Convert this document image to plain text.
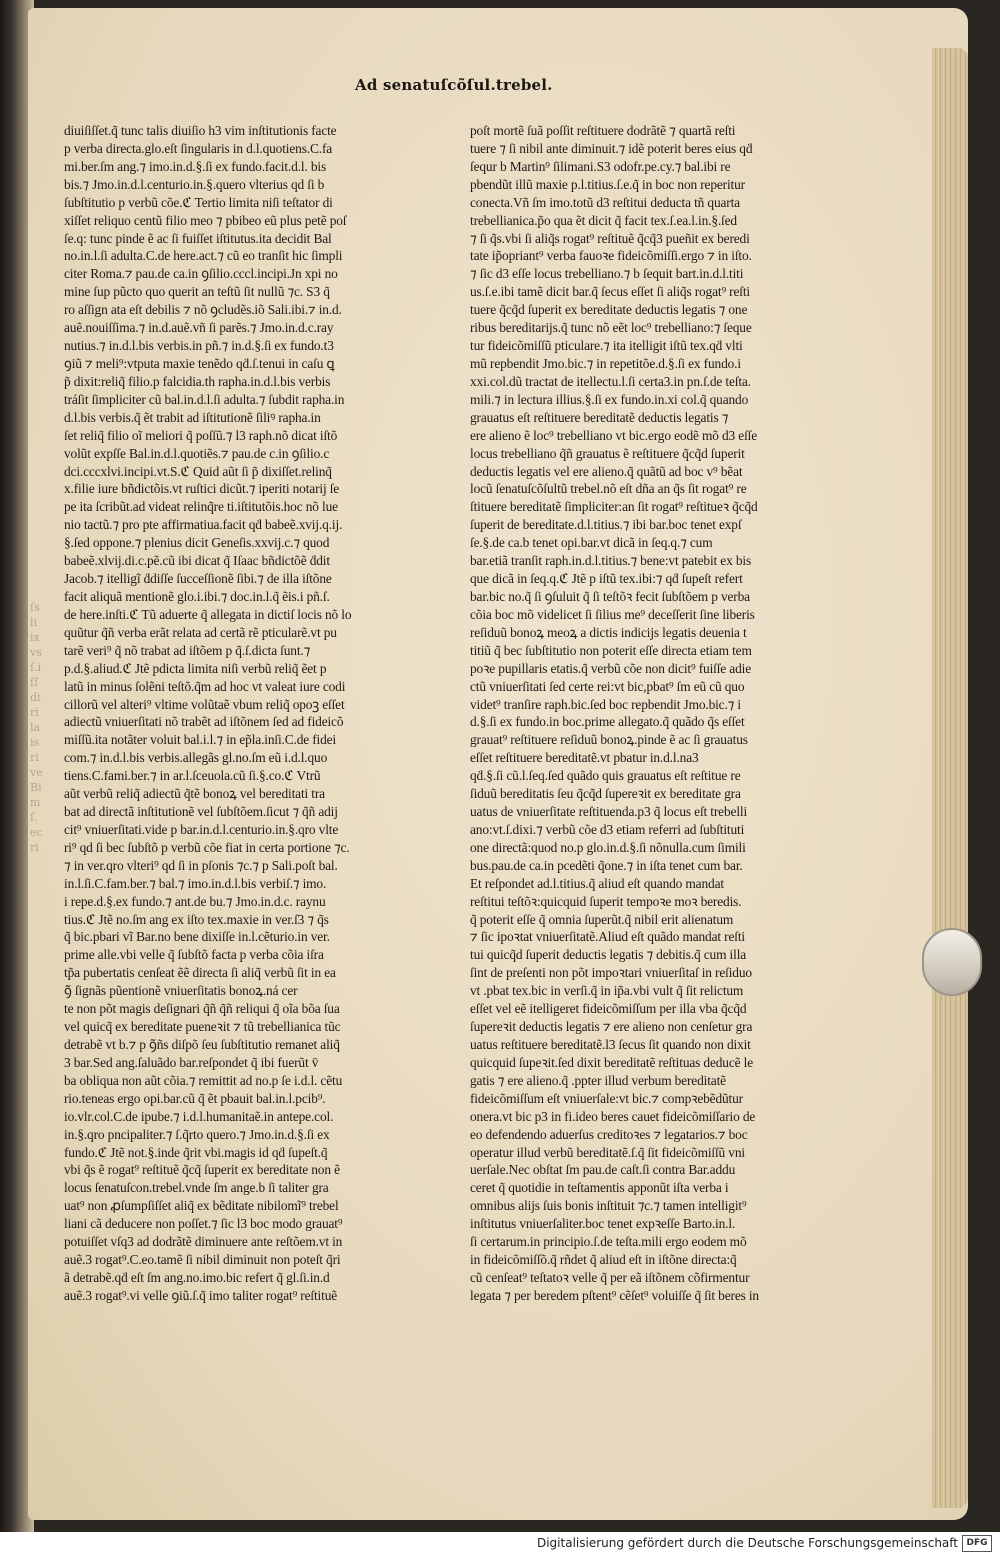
ſs
li
ix
vs
ſ.i
ſſ
di
ri
la
is
ri
ve
Bi
m
ſ.
ec
ri

Ad senatuſcõſul.trebel.

diuiſiſſet.q̃ tunc talis diuiſio h3 vim inſtitutionis facte
p verba directa.glo.eſt ſingularis in d.l.quotiens.C.fa
mi.ber.ſm ang.⁊ imo.in.d.§.ſi ex fundo.facit.d.l. bis
bis.⁊ Jmo.in.d.l.centurio.in.§.quero vlterius qd ſi b
ſubſtitutio p verbũ cõe.ℭ Tertio limita niſi teſtator di
xiſſet reliquo centũ filio meo ⁊ pbibeo eũ plus petẽ poſ
ſe.q: tunc pinde ẽ ac ſi fuiſſet iſtitutus.ita decidit Bal
no.in.l.ſi adulta.C.de here.act.⁊ cũ eo tranſit hic ſimpli
citer Roma.⁊ pau.de ca.in ꝯſilio.cccl.incipi.Jn xpi no
mine ſup pũcto quo querit an teſtũ ſit nullũ ⁊c. S3 q̃
ro aſſign ata eſt debilis ⁊ nõ ꝯcludẽs.iõ Sali.ibi.⁊ in.d.
auẽ.nouiſſima.⁊ in.d.auẽ.vñ ſi parẽs.⁊ Jmo.in.d.c.ray
nutius.⁊ in.d.l.bis verbis.in pñ.⁊ in.d.§.ſi ex fundo.t3
ꝯiũ ⁊ meli⁹:vtputa maxie tenẽdo qḋ.ſ.tenui in caſu ꝗ
p̃ dixit:reliq̃ filio.p falcidia.th rapha.in.d.l.bis verbis
tráſit ſimpliciter cũ bal.in.d.l.ſi adulta.⁊ ſubdit rapha.in
d.l.bis verbis.q̃ ẽt trabit ad iſtitutionẽ ſiliꝰ rapha.in
ſet reliq̃ filio oĩ meliori q̃ poſſũ.⁊ l3 raph.nõ dicat iſtõ
volũt expſſe Bal.in.d.l.quotiẽs.⁊ pau.de c.in ꝯſilio.c
dci.cccxlvi.incipi.vt.S.ℭ Quid aũt ſi p̃ dixiſſet.relinq̃
x.filie iure bñdictõis.vt ruſtici dicũt.⁊ iperiti notarij ſe
pe ita ſcribũt.ad videat relinq̃re ti.iſtitutõis.hoc nõ lue
nio tactũ.⁊ pro pte affirmatiua.facit qḋ babeẽ.xvij.q.ij.
§.ſed oppone.⁊ plenius dicit Geneſis.xxvij.c.⁊ quod
babeẽ.xlvij.di.c.pẽ.cũ ibi dicat q̃ Iſaac bñdictõẽ ḋdit
Jacob.⁊ itelligĩ ḋdiſſe ſucceſſionẽ ſibi.⁊ de illa iſtõne
facit aliquã mentionẽ glo.i.ibi.⁊ doc.in.l.q̃ ẽis.i pñ.ſ.
de here.inſti.ℭ Tũ aduerte q̃ allegata in dictiſ locis nõ lo
quũtur q̃ñ verba erãt relata ad certã rẽ pticularẽ.vt pu
tarẽ veri⁹ q̃ nõ trabat ad iſtõem p q̃.ſ.dicta ſunt.⁊
p.d.§.aliud.ℭ Jtẽ pdicta limita niſi verbũ reliq̃ ẽet p
latũ in minus ſolẽni teſtõ.q̃m ad hoc vt valeat iure codi
cillorũ vel alteri⁹ vltime volũtaẽ vbum reliq̃ opoꝫ eſſet
adiectũ vniuerſitati nõ trabẽt ad iſtõnem ſed ad fideicõ
miſſũ.ita notãter voluit bal.i.l.⁊ in ep̃la.inſi.C.de fidei
com.⁊ in.d.l.bis verbis.allegãs gl.no.ſm eũ i.d.l.quo
tiens.C.fami.ber.⁊ in ar.l.ſceuola.cũ ſi.§.co.ℭ Vtrũ
aũt verbũ reliq̃ adiectũ q̃tẽ bonoꝝ vel bereditati tra
bat ad directã inſtitutionẽ vel ſubſtõem.ſicut ⁊ q̃ñ adij
cit⁹ vniuerſitati.vide p bar.in.d.l.centurio.in.§.qro vlte
ri⁹ qd ſi bec ſubſtõ p verbũ cõe fiat in certa portione ⁊c.
⁊ in ver.qro vlteri⁹ qd ſi in pſonis ⁊c.⁊ p Sali.poſt bal.
in.l.ſi.C.fam.ber.⁊ bal.⁊ imo.in.d.l.bis verbiſ.⁊ imo.
i repe.d.§.ex fundo.⁊ ant.de bu.⁊ Jmo.in.d.c. raynu
tius.ℭ Jtẽ no.ſm ang ex iſto tex.maxie in ver.ſ3 ⁊ q̃s
q̃ bic.pbari vĩ Bar.no bene dixiſſe in.l.cẽturio.in ver.
prime alle.vbi velle q̃ ſubſtõ facta p verba cõia iſra
tp̃a pubertatis cenſeat ẽẽ directa ſi aliq̃ verbũ ſit in ea
ꝯ̃ ſignãs pũentionẽ vniuerſitatis bonoꝝ.ná cer
te non põt magis deſignari q̃ñ q̃ñ reliqui q̃ oĩa bõa ſua
vel quicq̃ ex bereditate pueneꝛit ⁊ tũ trebellianica tũc
detrabẽ vt b.⁊ p ꝯ̃ñs diſpõ ſeu ſubſtitutio remanet aliq̃
3 bar.Sed ang.ſaluãdo bar.reſpondet q̃ ibi fuerũt v̄
ba obliqua non aũt cõia.⁊ remittit ad no.p ſe i.d.l. cẽtu
rio.teneas ergo opi.bar.cũ q̃ ẽt pbauit bal.in.l.pcib⁹.
io.vlr.col.C.de ipube.⁊ i.d.l.humanitaẽ.in antepe.col.
in.§.qro pncipaliter.⁊ ſ.q̃rto quero.⁊ Jmo.in.d.§.ſi ex
fundo.ℭ Jtẽ not.§.inde q̃rit vbi.magis id qḋ ſupeſt.q̃
vbi q̃s ẽ rogat⁹ reſtituẽ q̃cq̃ ſuperit ex bereditate non ẽ
locus ſenatuſcon.trebel.vnde ſm ange.b ſi taliter gra
uat⁹ non ꝓſumpſiſſet aliq̃ ex bẽditate nibilomĩ⁹ trebel
liani cã deducere non poſſet.⁊ ſic l3 boc modo grauat⁹
potuiſſet vſq3 ad dodrãtẽ diminuere ante reſtõem.vt in
auẽ.3 rogat⁹.C.eo.tamẽ ſi nibil diminuit non poteſt q̃ri
ã detrabẽ.qḋ eſt ſm ang.no.imo.bic refert q̃ gl.ſi.in.d
auẽ.3 rogat⁹.vi velle ꝯiũ.ſ.q̃ imo taliter rogat⁹ reſtituẽ
poſt mortẽ ſuã poſſit reſtituere dodrãtẽ ⁊ quartã reſti
tuere ⁊ ſi nibil ante diminuit.⁊ idẽ poterit beres eius qḋ
ſequr b Martin⁹ ſilimani.S3 odofr.pe.cy.⁊ bal.ibi re
pbendũt illũ maxie p.l.titius.ſ.e.q̃ in boc non reperitur
conecta.Vñ ſm imo.totũ d3 reſtitui deducta tñ quarta
trebellianica.p̃o qua ẽt dicit q̃ facit tex.ſ.ea.l.in.§.ſed
⁊ ſi q̃s.vbi ſi aliq̃s rogat⁹ reſtituẽ q̃cq̃3 pueñit ex beredi
tate ip̃opriant⁹ verba fauoꝛe fideicõmiſſi.ergo ⁊ in iſto.
⁊ ſic d3 eſſe locus trebelliano.⁊ b ſequit bart.in.d.l.titi
us.ſ.e.ibi tamẽ dicit bar.q̃ ſecus eſſet ſi aliq̃s rogat⁹ reſti
tuere q̃cq̃d ſuperit ex bereditate deductis legatis ⁊ one
ribus bereditarijs.q̃ tunc nõ eẽt loc⁹ trebelliano:⁊ ſeque
tur fideicõmiſſũ pticulare.⁊ ita itelligit iſtũ tex.qḋ vlti
mũ repbendit Jmo.bic.⁊ in repetitõe.d.§.ſi ex fundo.i
xxi.col.dũ tractat de itellectu.l.ſi certa3.in pn.ſ.de teſta.
mili.⁊ in lectura illius.§.ſi ex fundo.in.xi col.q̃ quando
grauatus eſt reſtituere bereditatẽ deductis legatis ⁊
ere alieno ẽ loc⁹ trebelliano vt bic.ergo eodẽ mõ d3 eſſe
locus trebelliano q̃ñ grauatus ẽ reſtituere q̃cq̃d ſuperit
deductis legatis vel ere alieno.q̃ quãtũ ad boc v⁹ bẽat
locũ ſenatuſcõſultũ trebel.nõ eſt dña an q̃s ſit rogat⁹ re
ſtituere bereditatẽ ſimpliciter:an ſit rogat⁹ reſtitueꝛ q̃cq̃d
ſuperit de bereditate.d.l.titius.⁊ ibi bar.boc tenet expſ
ſe.§.de ca.b tenet opi.bar.vt dicã in ſeq.q.⁊ cum
bar.etiã tranſit raph.in.d.l.titius.⁊ bene:vt patebit ex bis
que dicã in ſeq.q.ℭ Jtẽ p iſtũ tex.ibi:⁊ qḋ ſupeſt refert
bar.bic no.q̃ ſi ꝯſuluit q̃ ſi teſtõꝛ fecit ſubſtõem p verba
cõia boc mõ videlicet ſi ſilius me⁹ deceſſerit ſine liberis
reſiduũ bonoꝝ meoꝝ a dictis indicijs legatis deuenia t
titiũ q̃ bec ſubſtitutio non poterit eſſe directa etiam tem
poꝛe pupillaris etatis.q̃ verbũ cõe non dicit⁹ fuiſſe adie
ctũ vniuerſitati ſed certe rei:vt bic,pbat⁹ ſm eũ cũ quo
videt⁹ tranſire raph.bic.ſed boc repbendit Jmo.bic.⁊ i
d.§.ſi ex fundo.in boc.prime allegato.q̃ quãdo q̃s eſſet
grauat⁹ reſtituere reſiduũ bonoꝝ.pinde ẽ ac ſi grauatus
eſſet reſtituere bereditatẽ.vt pbatur in.d.l.na3
qḋ.§.ſi cũ.l.ſeq.ſed quãdo quis grauatus eſt reſtitue re
ſiduũ bereditatis ſeu q̃cq̃d ſupereꝛit ex bereditate gra
uatus de vniuerſitate reſtituenda.p3 q̃ locus eſt trebelli
ano:vt.ſ.dixi.⁊ verbũ cõe d3 etiam referri ad ſubſtituti
one directã:quod no.p glo.in.d.§.ſi nõnulla.cum ſimili
bus.pau.de ca.in pcedẽti q̃one.⁊ in iſta tenet cum bar.
Et reſpondet ad.l.titius.q̃ aliud eſt quando mandat
reſtitui teſtõꝛ:quicquid ſuperit tempoꝛe moꝛ beredis.
q̃ poterit eſſe q̃ omnia ſuperũt.q̃ nibil erit alienatum
⁊ ſic ipoꝛtat vniuerſitatẽ.Aliud eſt quãdo mandat reſti
tui quicq̃d ſuperit deductis legatis ⁊ debitis.q̃ cum illa
ſint de preſenti non põt impoꝛtari vniuerſitaſ in reſiduo
vt .pbat tex.bic in verſi.q̃ in ip̃a.vbi vult q̃ ſit relictum
eſſet vel eẽ itelligeret fideicõmiſſum per illa vba q̃cq̃d
ſupereꝛit deductis legatis ⁊ ere alieno non cenſetur gra
uatus reſtituere bereditatẽ.l3 ſecus ſit quando non dixit
quicquid ſupeꝛit.ſed dixit bereditatẽ reſtituas deducẽ le
gatis ⁊ ere alieno.q̃ .ppter illud verbum bereditatẽ
fideicõmiſſum eſt vniuerſale:vt bic.⁊ compꝛebẽdũtur
onera.vt bic p3 in fi.ideo beres cauet fideicõmiſſario de
eo defendendo aduerſus creditoꝛes ⁊ legatarios.⁊ boc
operatur illud verbũ bereditatẽ.ſ.q̃ ſit fideicõmiſſũ vni
uerſale.Nec obſtat ſm pau.de caſt.ſi contra Bar.addu
ceret q̃ quotidie in teſtamentis apponũt iſta verba i
omnibus alijs ſuis bonis inſtituit ⁊c.⁊ tamen intelligit⁹
inſtitutus vniuerſaliter.boc tenet expꝛeſſe Barto.in.l.
ſi certarum.in principio.ſ.de teſta.mili ergo eodem mõ
in fideicõmiſſõ.q̃ rñdet q̃ aliud eſt in iſtõne directa:q̃
cũ cenſeat⁹ teſtatoꝛ velle q̃ per eã iſtõnem cõfirmentur
legata ⁊ per beredem pſtent⁹ cẽſet⁹ voluiſſe q̃ ſit beres in
Digitalisierung gefördert durch die Deutsche Forschungsgemeinschaft DFG
